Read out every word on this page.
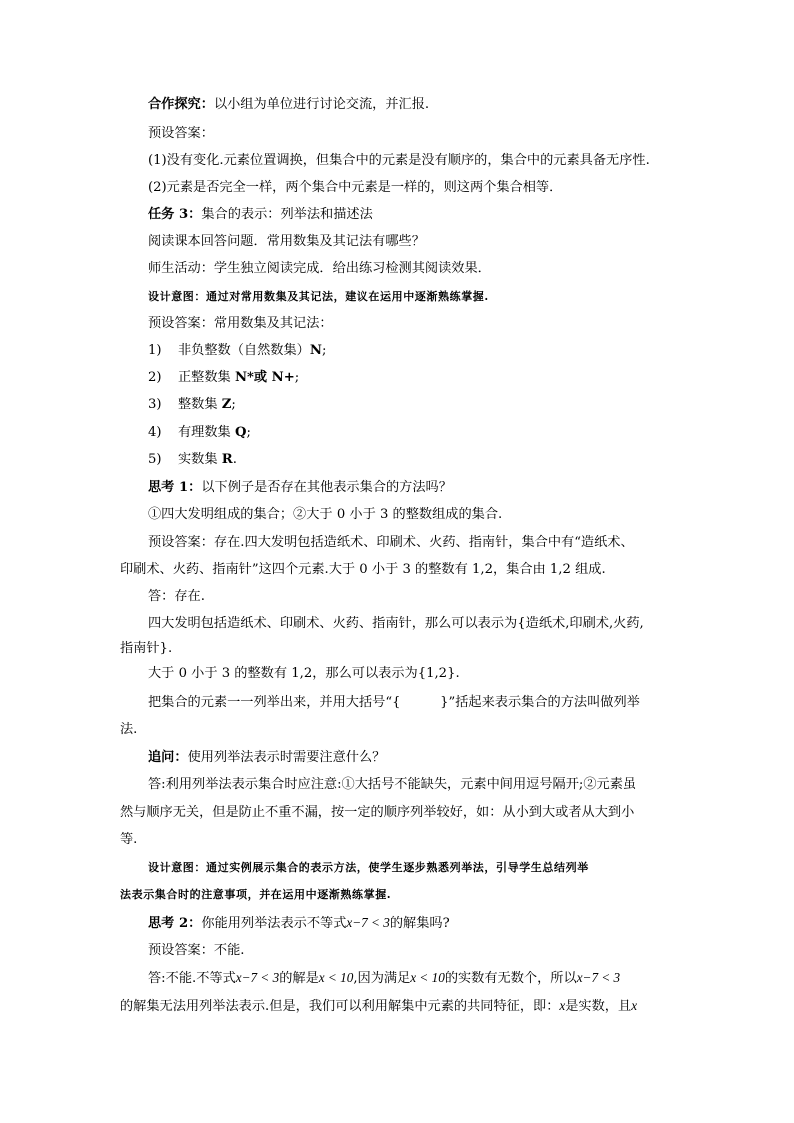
合作探究：以小组为单位进行讨论交流，并汇报.
预设答案：
(1)没有变化.元素位置调换，但集合中的元素是没有顺序的，集合中的元素具备无序性.
(2)元素是否完全一样，两个集合中元素是一样的，则这两个集合相等．
任务 3：集合的表示：列举法和描述法
阅读课本回答问题．常用数集及其记法有哪些？
师生活动：学生独立阅读完成．给出练习检测其阅读效果．
设计意图：通过对常用数集及其记法，建议在运用中逐渐熟练掌握.
预设答案：常用数集及其记法：
1) 非负整数（自然数集）N;
2) 正整数集 N*或 N+;
3) 整数集 Z;
4) 有理数集 Q;
5) 实数集 R.
思考 1：以下例子是否存在其他表示集合的方法吗？
①四大发明组成的集合；②大于 0 小于 3 的整数组成的集合.
预设答案：存在.四大发明包括造纸术、印刷术、火药、指南针，集合中有“造纸术、
印刷术、火药、指南针”这四个元素.大于 0 小于 3 的整数有 1,2，集合由 1,2 组成.
答：存在.
四大发明包括造纸术、印刷术、火药、指南针，那么可以表示为{造纸术,印刷术,火药,
指南针}.
大于 0 小于 3 的整数有 1,2，那么可以表示为{1,2}.
把集合的元素一一列举出来，并用大括号“{　　　}”括起来表示集合的方法叫做列举
法.
追问：使用列举法表示时需要注意什么？
答:利用列举法表示集合时应注意:①大括号不能缺失，元素中间用逗号隔开;②元素虽
然与顺序无关，但是防止不重不漏，按一定的顺序列举较好，如：从小到大或者从大到小
等.
设计意图：通过实例展示集合的表示方法，使学生逐步熟悉列举法，引导学生总结列举
法表示集合时的注意事项，并在运用中逐渐熟练掌握.
思考 2：你能用列举法表示不等式x−7 < 3的解集吗?
预设答案：不能.
答:不能.不等式x−7 < 3的解是x < 10,因为满足x < 10的实数有无数个，所以x−7 < 3
的解集无法用列举法表示.但是，我们可以利用解集中元素的共同特征，即：x是实数，且x
